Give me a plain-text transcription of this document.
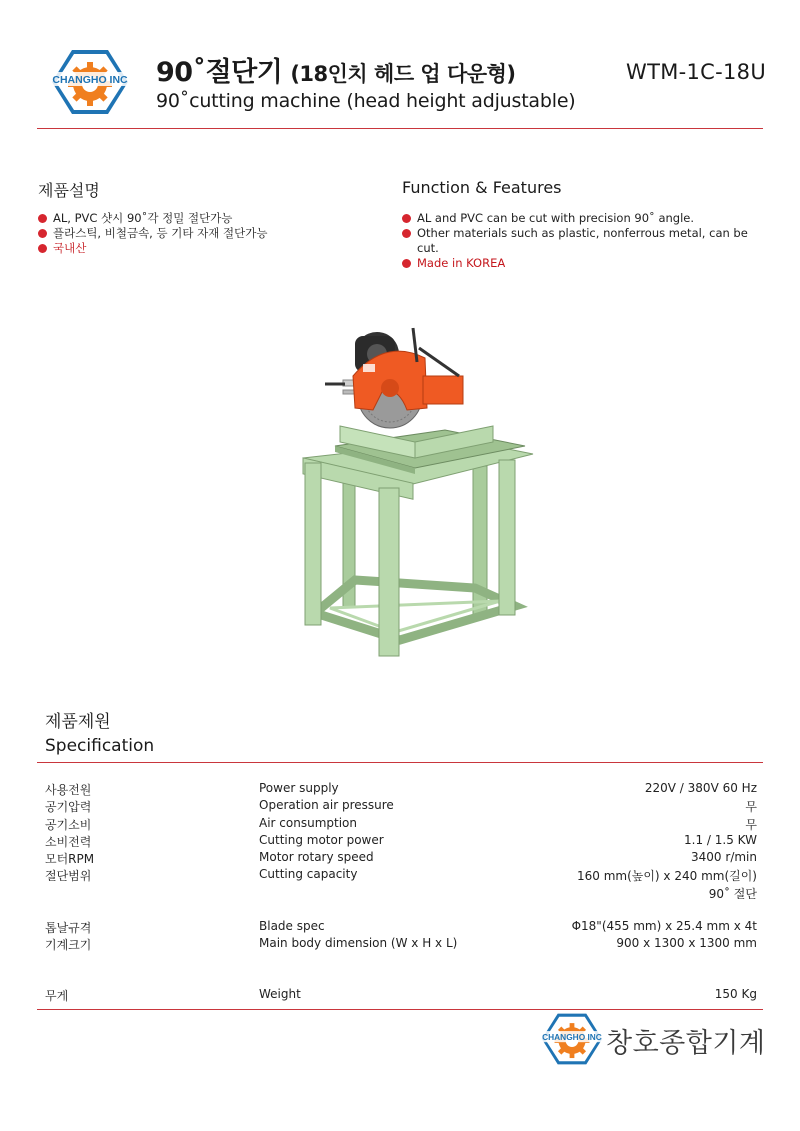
CHANGHO INC 90˚절단기 (18인치 헤드 업 다운형)
90˚cutting machine (head height adjustable)
WTM-1C-18U
제품설명
AL, PVC 샷시 90˚각 정밀 절단가능
플라스틱, 비철금속, 등 기타 자재 절단가능
국내산
Function & Features
AL and PVC can be cut with precision 90˚ angle.
Other materials such as plastic, nonferrous metal, can be cut.
Made in KOREA
제품제원
Specification
사용전원	Power supply	220V / 380V 60 Hz
공기압력	Operation air pressure	무
공기소비	Air consumption	무
소비전력	Cutting motor power	1.1 / 1.5 KW
모터RPM	Motor rotary speed	3400 r/min
절단범위	Cutting capacity	160 mm(높이) x 240 mm(길이)
		90˚ 절단

톱날규격	Blade spec	Φ18"(455 mm) x 25.4 mm x 4t
기계크기	Main body dimension (W x H x L)	900 x 1300 x 1300 mm

무게	Weight	150 Kg
CHANGHO INC 창호종합기계
